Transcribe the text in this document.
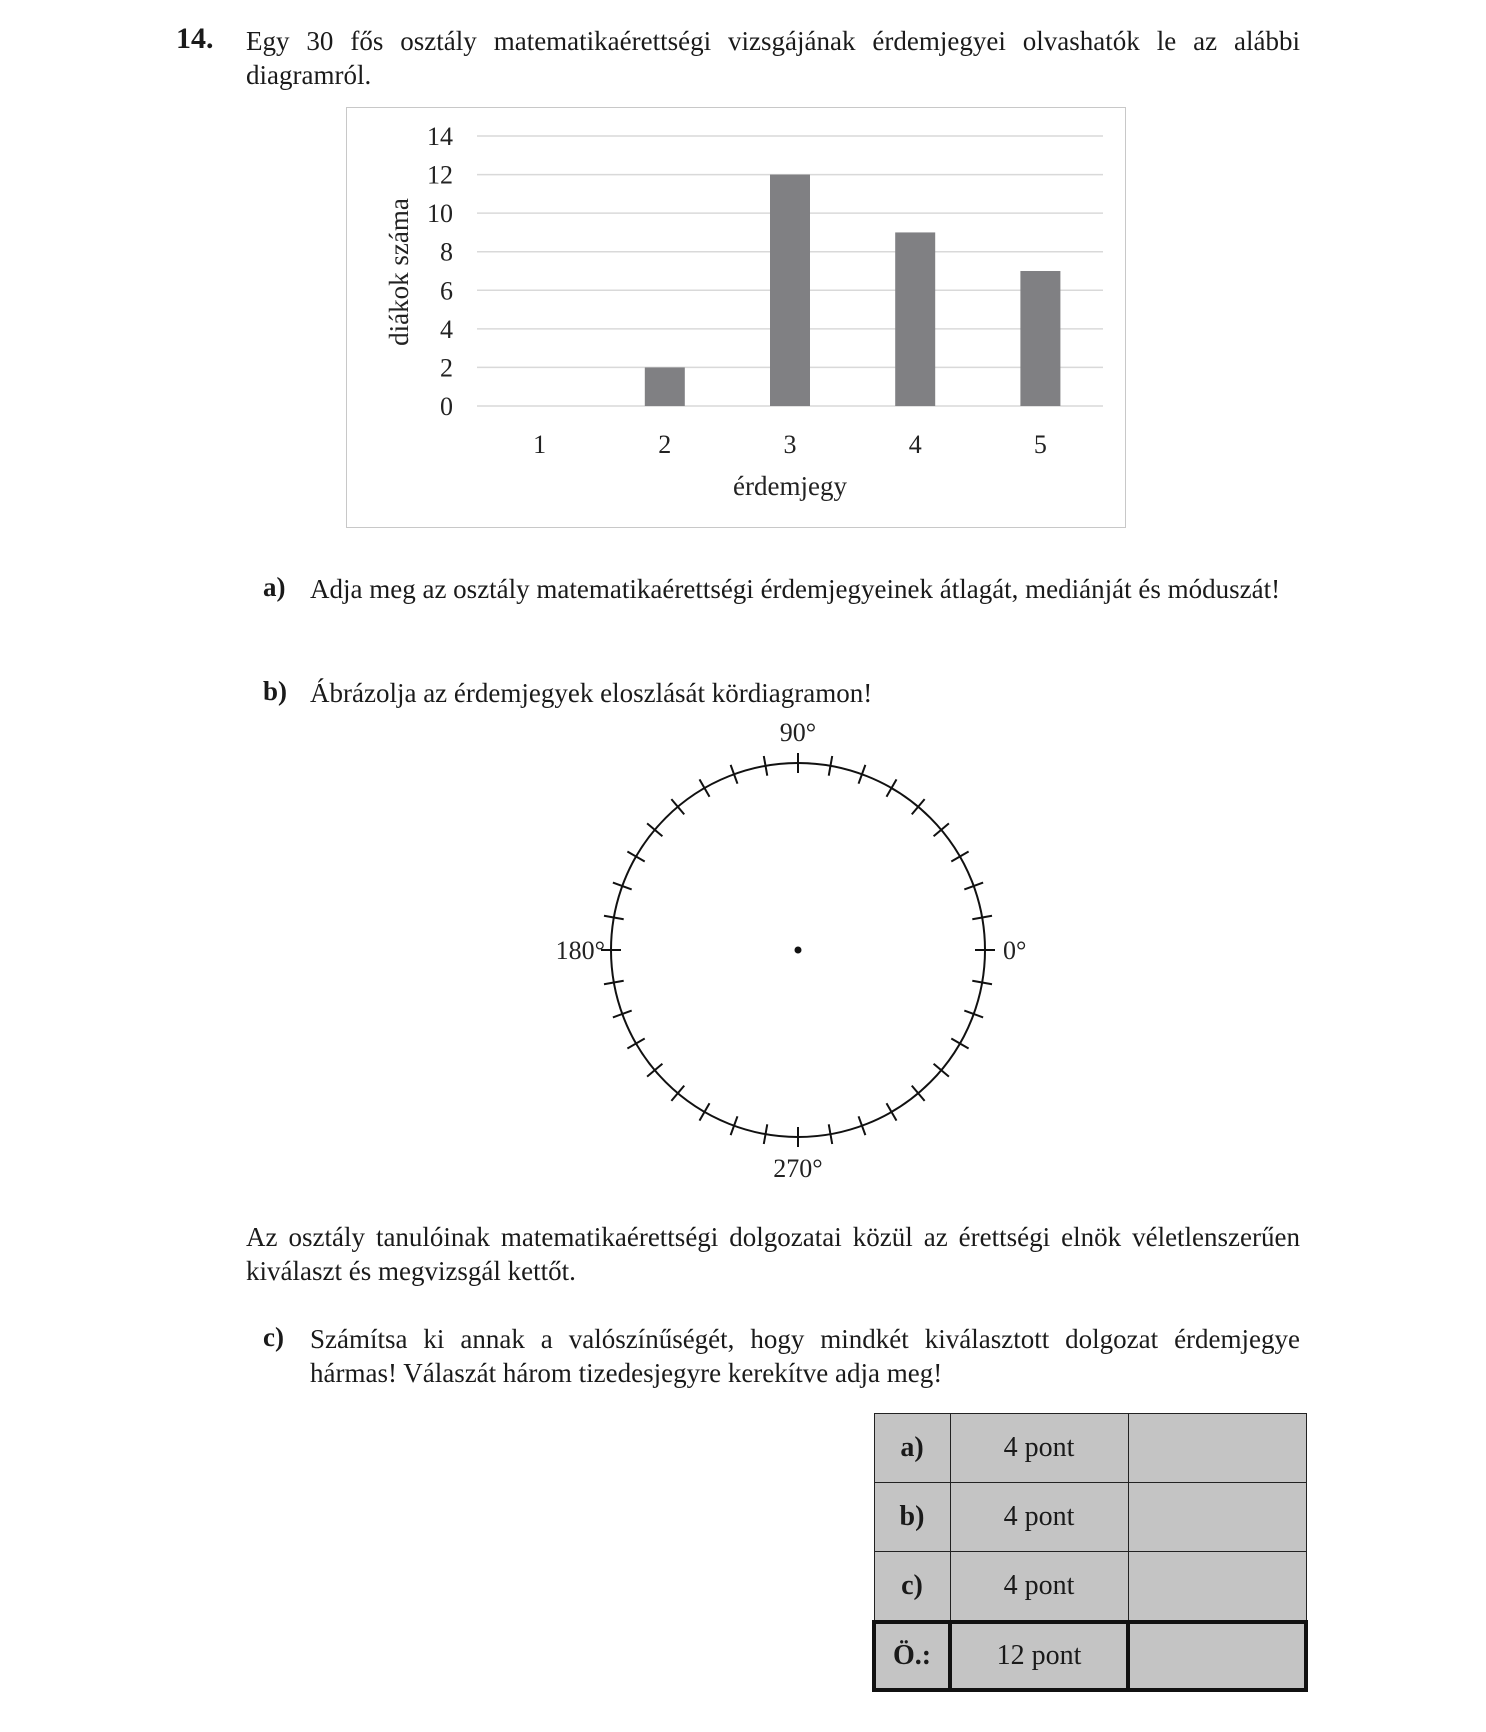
14. Egy 30 fős osztály matematikaérettségi vizsgájának érdemjegyei olvashatók le az alábbi diagramról.
0
2
4
6
8
10
12
14
1	2	3	4	5
érdemjegy
diákok száma
a) Adja meg az osztály matematikaérettségi érdemjegyeinek átlagát, mediánját és móduszát!
b) Ábrázolja az érdemjegyek eloszlását kördiagramon!
90°
270°
180°	0°
Az osztály tanulóinak matematikaérettségi dolgozatai közül az érettségi elnök véletlenszerűen kiválaszt és megvizsgál kettőt.
c) Számítsa ki annak a valószínűségét, hogy mindkét kiválasztott dolgozat érdemjegye hármas! Válaszát három tizedesjegyre kerekítve adja meg!
a)	4 pont	
b)	4 pont	
c)	4 pont	
Ö.:	12 pont	
